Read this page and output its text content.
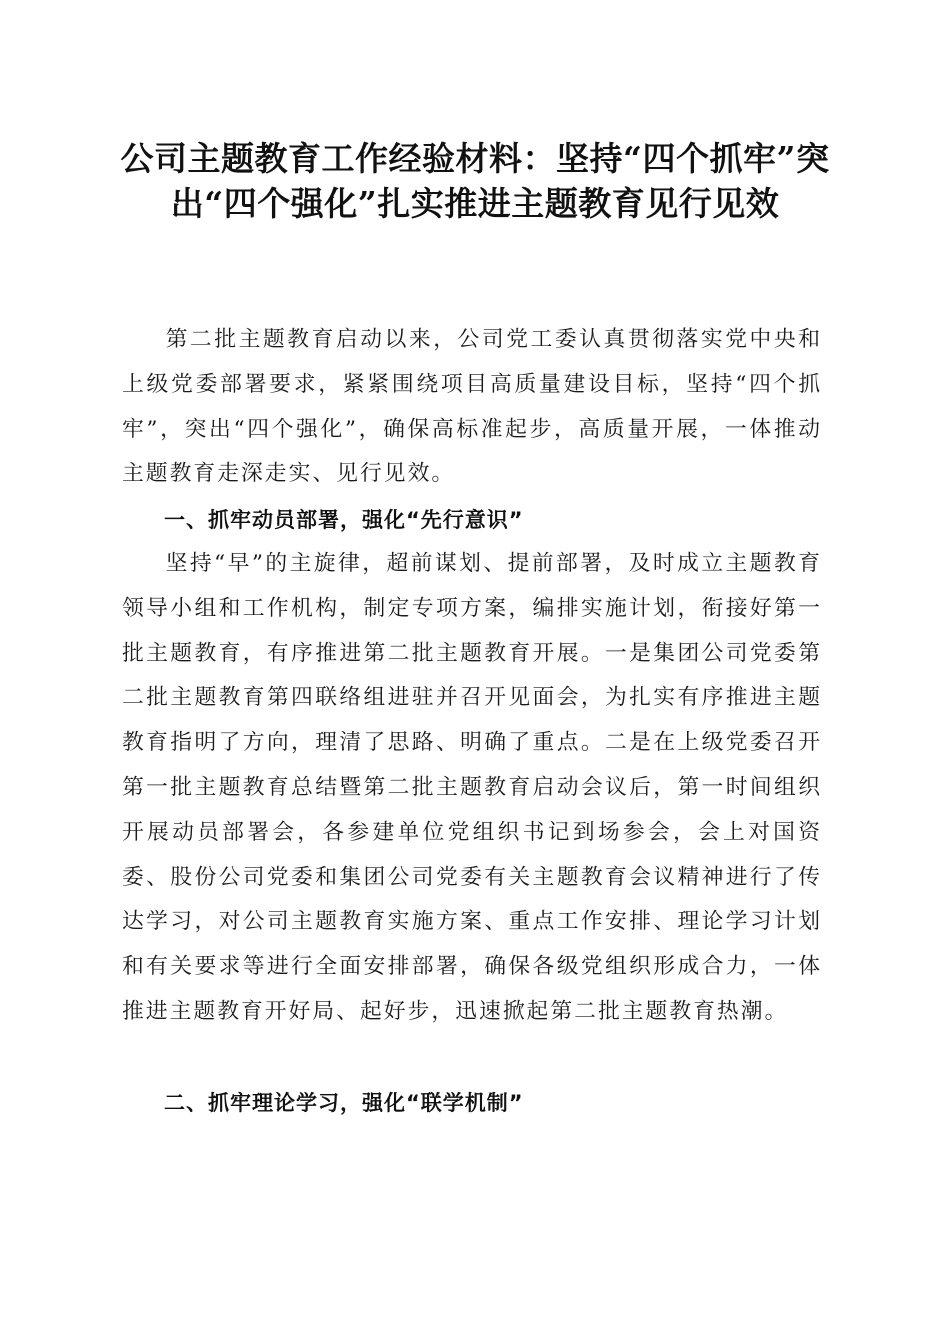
公司主题教育工作经验材料：坚持“四个抓牢”突出“四个强化”扎实推进主题教育见行见效

第二批主题教育启动以来，公司党工委认真贯彻落实党中央和上级党委部署要求，紧紧围绕项目高质量建设目标，坚持“四个抓牢”，突出“四个强化”，确保高标准起步，高质量开展，一体推动主题教育走深走实、见行见效。

一、抓牢动员部署，强化“先行意识”

坚持“早”的主旋律，超前谋划、提前部署，及时成立主题教育领导小组和工作机构，制定专项方案，编排实施计划，衔接好第一批主题教育，有序推进第二批主题教育开展。一是集团公司党委第二批主题教育第四联络组进驻并召开见面会，为扎实有序推进主题教育指明了方向，理清了思路、明确了重点。二是在上级党委召开第一批主题教育总结暨第二批主题教育启动会议后，第一时间组织开展动员部署会，各参建单位党组织书记到场参会，会上对国资委、股份公司党委和集团公司党委有关主题教育会议精神进行了传达学习，对公司主题教育实施方案、重点工作安排、理论学习计划和有关要求等进行全面安排部署，确保各级党组织形成合力，一体推进主题教育开好局、起好步，迅速掀起第二批主题教育热潮。

二、抓牢理论学习，强化“联学机制”
